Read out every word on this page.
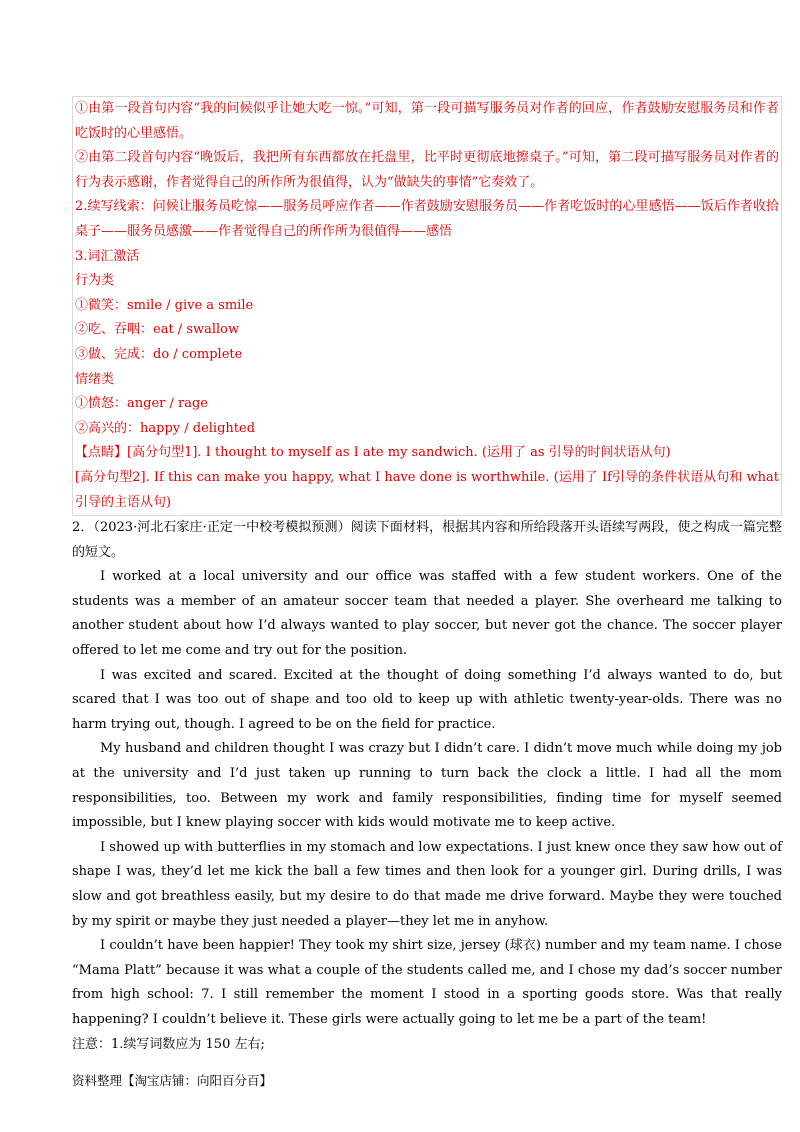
①由第一段首句内容“我的问候似乎让她大吃一惊。”可知，第一段可描写服务员对作者的回应，作者鼓励安慰服务员和作者吃饭时的心里感悟。

②由第二段首句内容“晚饭后，我把所有东西都放在托盘里，比平时更彻底地擦桌子。”可知，第二段可描写服务员对作者的行为表示感谢，作者觉得自己的所作所为很值得，认为“做缺失的事情”它奏效了。

2.续写线索：问候让服务员吃惊——服务员呼应作者——作者鼓励安慰服务员——作者吃饭时的心里感悟——饭后作者收拾桌子——服务员感激——作者觉得自己的所作所为很值得——感悟

3.词汇激活

行为类

①微笑：smile / give a smile

②吃、吞咽：eat / swallow

③做、完成：do / complete

情绪类

①愤怒：anger / rage

②高兴的：happy / delighted

【点睛】[高分句型1]. I thought to myself as I ate my sandwich. (运用了 as 引导的时间状语从句)

[高分句型2]. If this can make you happy, what I have done is worthwhile. (运用了 If引导的条件状语从句和 what 引导的主语从句)

2．（2023·河北石家庄·正定一中校考模拟预测）阅读下面材料，根据其内容和所给段落开头语续写两段，使之构成一篇完整的短文。

I worked at a local university and our office was staffed with a few student workers. One of the students was a member of an amateur soccer team that needed a player. She overheard me talking to another student about how I’d always wanted to play soccer, but never got the chance. The soccer player offered to let me come and try out for the position.

I was excited and scared. Excited at the thought of doing something I’d always wanted to do, but scared that I was too out of shape and too old to keep up with athletic twenty-year-olds. There was no harm trying out, though. I agreed to be on the field for practice.

My husband and children thought I was crazy but I didn’t care. I didn’t move much while doing my job at the university and I’d just taken up running to turn back the clock a little. I had all the mom responsibilities, too. Between my work and family responsibilities, finding time for myself seemed impossible, but I knew playing soccer with kids would motivate me to keep active.

I showed up with butterflies in my stomach and low expectations. I just knew once they saw how out of shape I was, they’d let me kick the ball a few times and then look for a younger girl. During drills, I was slow and got breathless easily, but my desire to do that made me drive forward. Maybe they were touched by my spirit or maybe they just needed a player—they let me in anyhow.

I couldn’t have been happier! They took my shirt size, jersey (球衣) number and my team name. I chose “Mama Platt” because it was what a couple of the students called me, and I chose my dad’s soccer number from high school: 7. I still remember the moment I stood in a sporting goods store. Was that really happening? I couldn’t believe it. These girls were actually going to let me be a part of the team!

注意：1.续写词数应为 150 左右;

资料整理【淘宝店铺：向阳百分百】
